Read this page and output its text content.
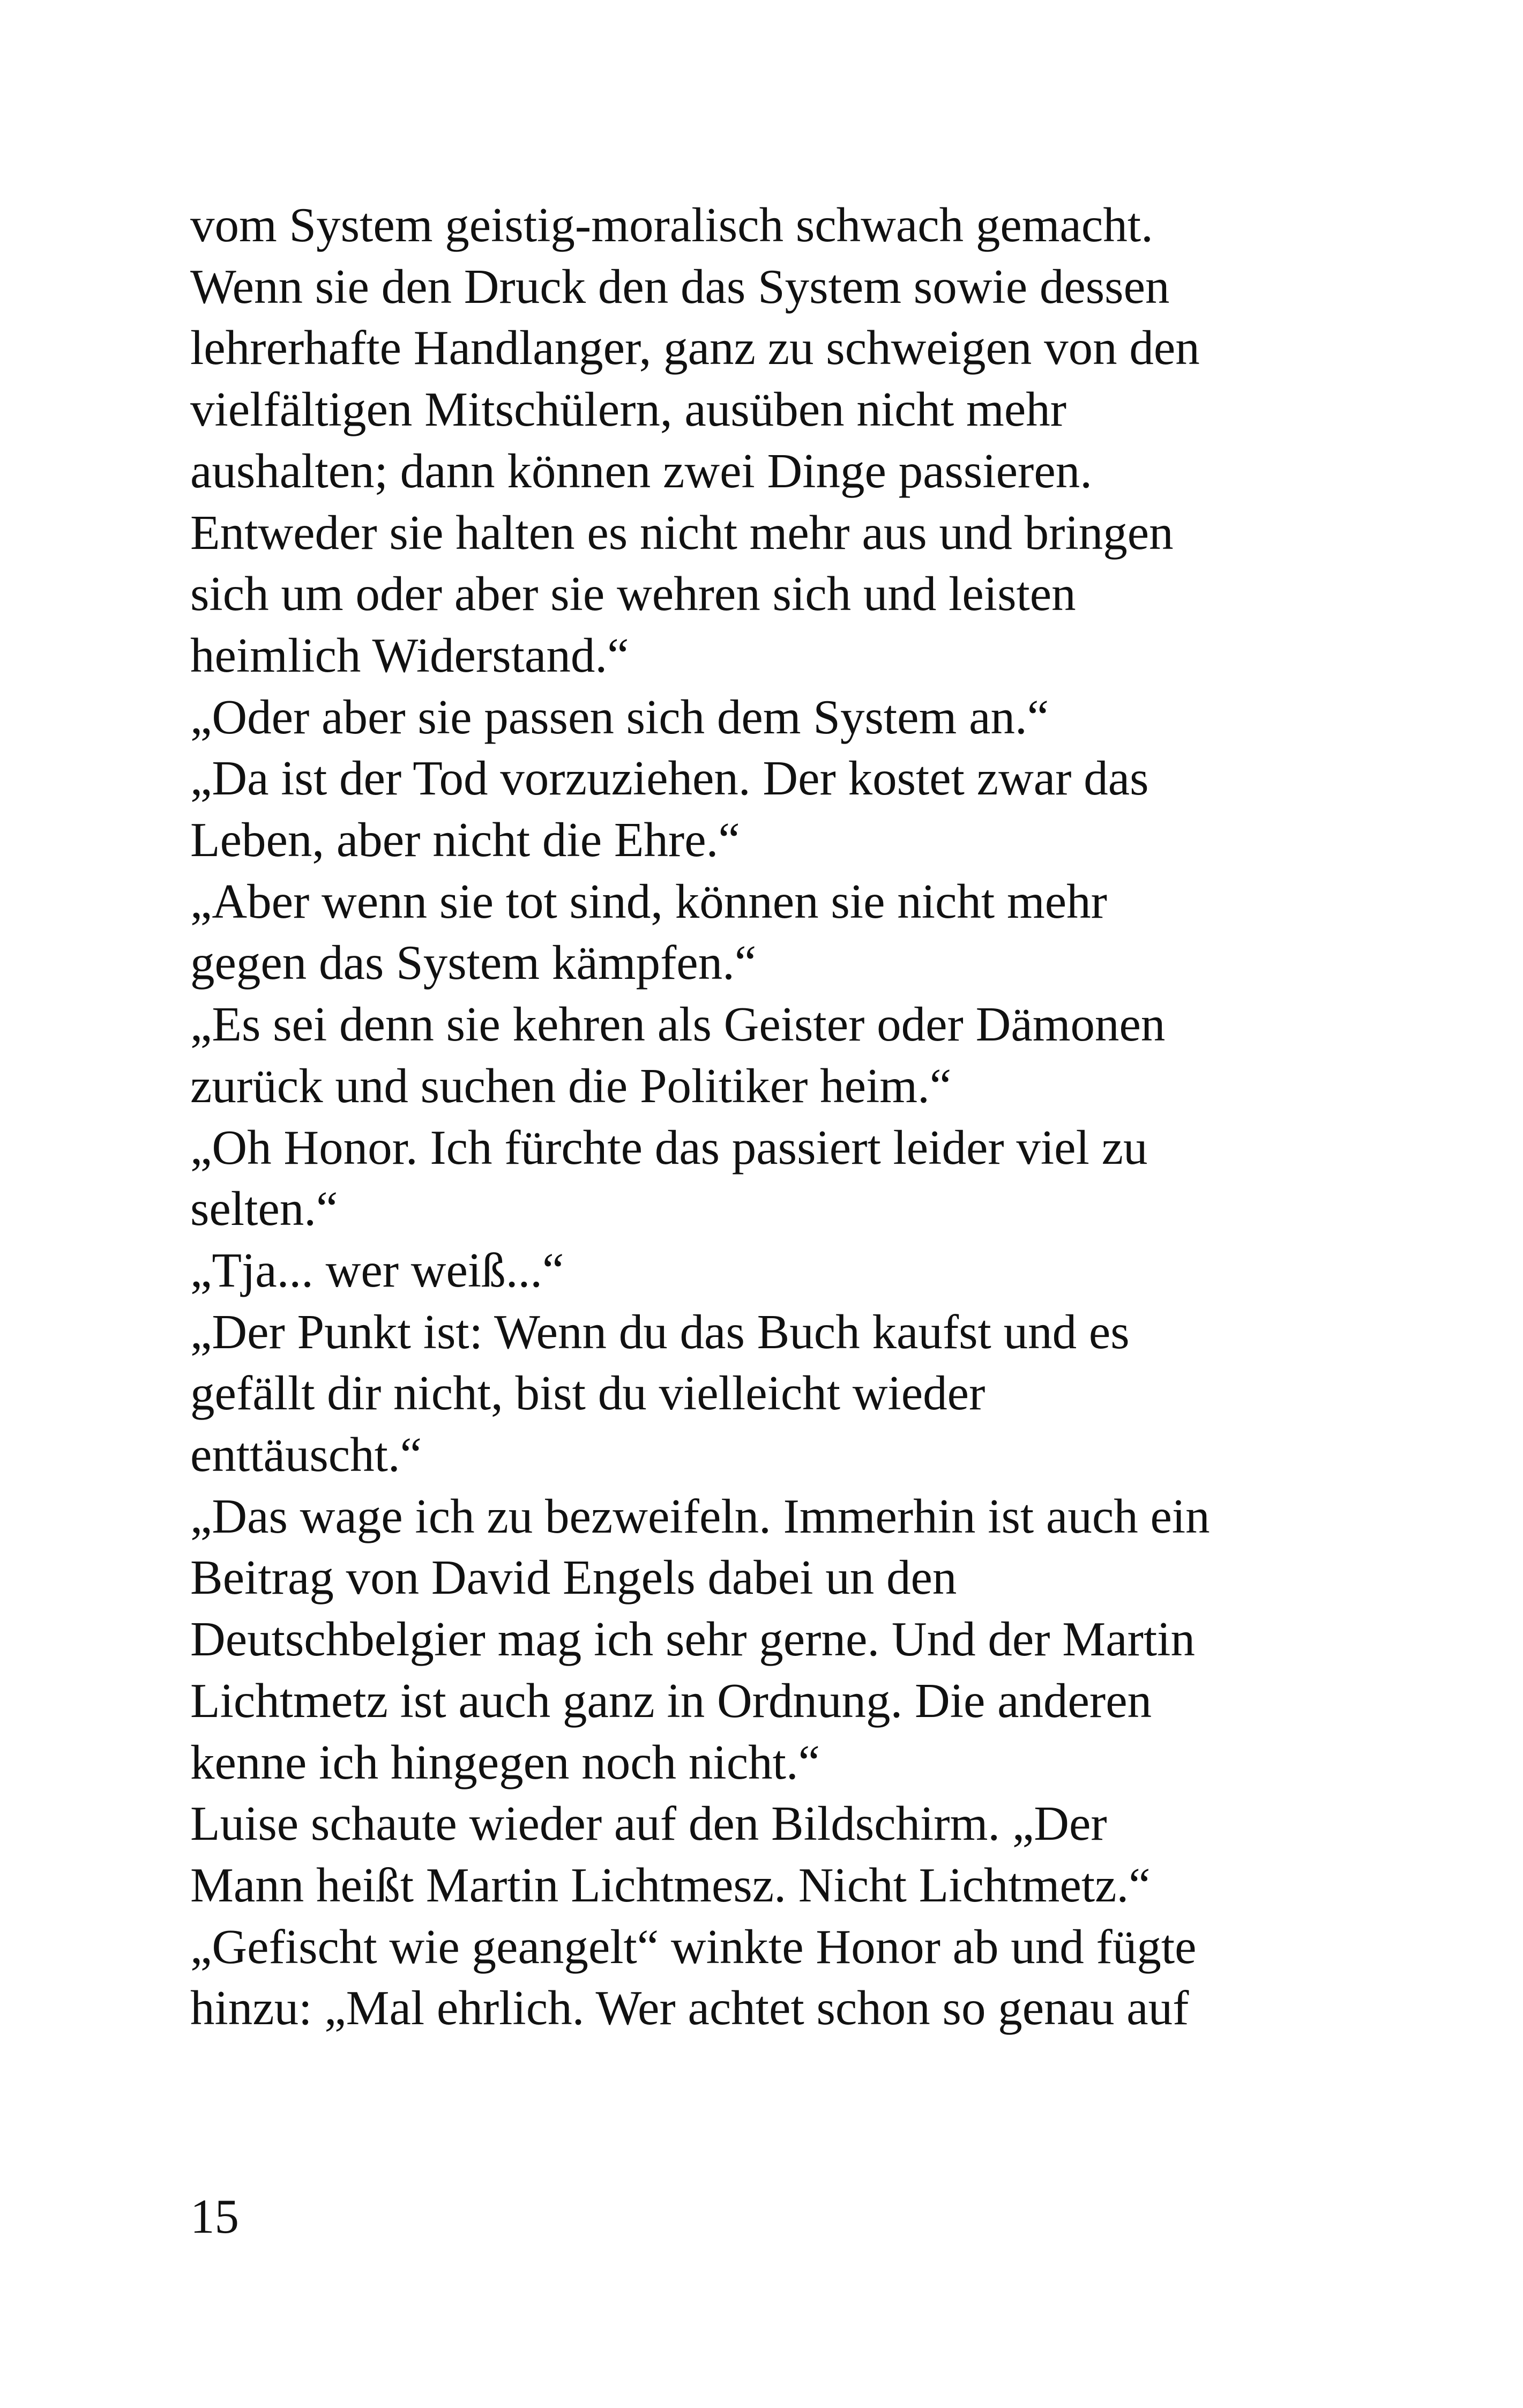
vom System geistig-moralisch schwach gemacht.
Wenn sie den Druck den das System sowie dessen
lehrerhafte Handlanger, ganz zu schweigen von den
vielfältigen Mitschülern, ausüben nicht mehr
aushalten; dann können zwei Dinge passieren.
Entweder sie halten es nicht mehr aus und bringen
sich um oder aber sie wehren sich und leisten
heimlich Widerstand.“
„Oder aber sie passen sich dem System an.“
„Da ist der Tod vorzuziehen. Der kostet zwar das
Leben, aber nicht die Ehre.“
„Aber wenn sie tot sind, können sie nicht mehr
gegen das System kämpfen.“
„Es sei denn sie kehren als Geister oder Dämonen
zurück und suchen die Politiker heim.“
„Oh Honor. Ich fürchte das passiert leider viel zu
selten.“
„Tja... wer weiß...“
„Der Punkt ist: Wenn du das Buch kaufst und es
gefällt dir nicht, bist du vielleicht wieder
enttäuscht.“
„Das wage ich zu bezweifeln. Immerhin ist auch ein
Beitrag von David Engels dabei un den
Deutschbelgier mag ich sehr gerne. Und der Martin
Lichtmetz ist auch ganz in Ordnung. Die anderen
kenne ich hingegen noch nicht.“
Luise schaute wieder auf den Bildschirm. „Der
Mann heißt Martin Lichtmesz. Nicht Lichtmetz.“
„Gefischt wie geangelt“ winkte Honor ab und fügte
hinzu: „Mal ehrlich. Wer achtet schon so genau auf
15
